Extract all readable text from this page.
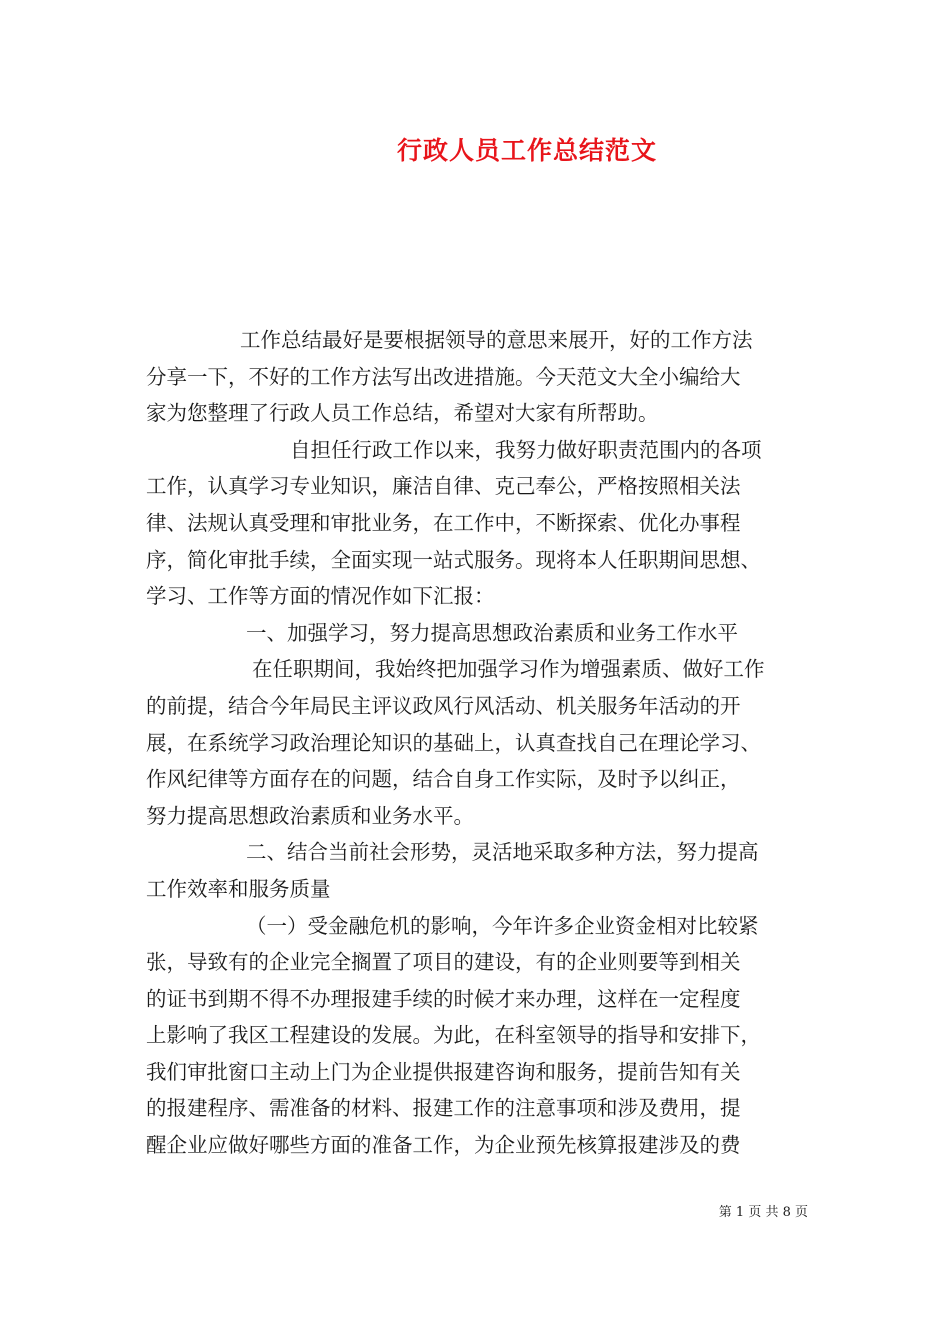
行政人员工作总结范文
工作总结最好是要根据领导的意思来展开，好的工作方法
分享一下，不好的工作方法写出改进措施。今天范文大全小编给大
家为您整理了行政人员工作总结，希望对大家有所帮助。
自担任行政工作以来，我努力做好职责范围内的各项
工作，认真学习专业知识，廉洁自律、克己奉公，严格按照相关法
律、法规认真受理和审批业务，在工作中，不断探索、优化办事程
序，简化审批手续，全面实现一站式服务。现将本人任职期间思想、
学习、工作等方面的情况作如下汇报：
一、加强学习，努力提高思想政治素质和业务工作水平
在任职期间，我始终把加强学习作为增强素质、做好工作
的前提，结合今年局民主评议政风行风活动、机关服务年活动的开
展，在系统学习政治理论知识的基础上，认真查找自己在理论学习、
作风纪律等方面存在的问题，结合自身工作实际，及时予以纠正，
努力提高思想政治素质和业务水平。
二、结合当前社会形势，灵活地采取多种方法，努力提高
工作效率和服务质量
（一）受金融危机的影响，今年许多企业资金相对比较紧
张，导致有的企业完全搁置了项目的建设，有的企业则要等到相关
的证书到期不得不办理报建手续的时候才来办理，这样在一定程度
上影响了我区工程建设的发展。为此，在科室领导的指导和安排下，
我们审批窗口主动上门为企业提供报建咨询和服务，提前告知有关
的报建程序、需准备的材料、报建工作的注意事项和涉及费用，提
醒企业应做好哪些方面的准备工作，为企业预先核算报建涉及的费
第 1 页 共 8 页
